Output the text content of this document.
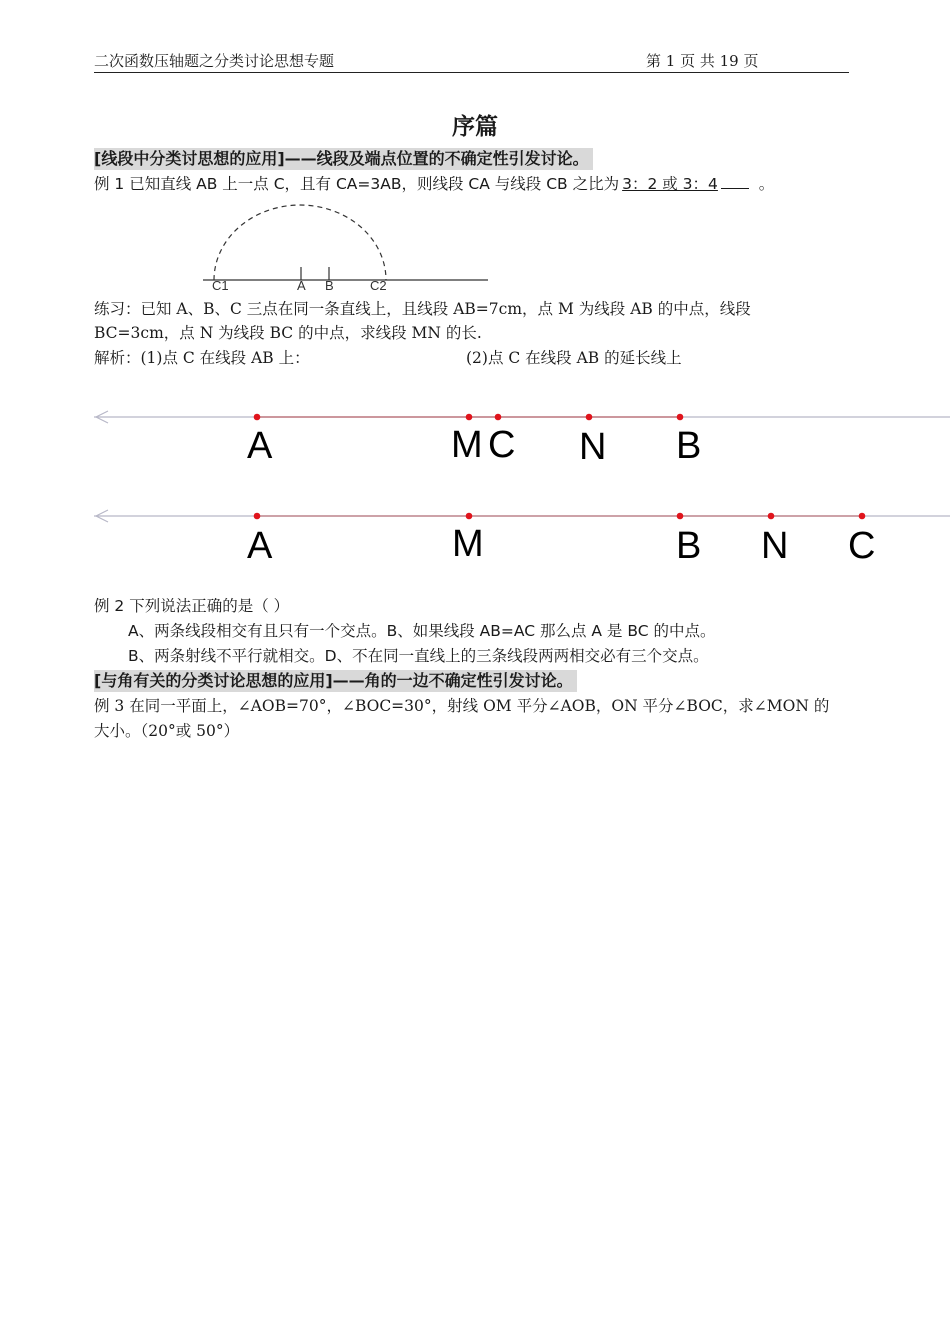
二次函数压轴题之分类讨论思想专题	第 1 页 共 19 页
序篇
[线段中分类讨思想的应用]——线段及端点位置的不确定性引发讨论。
例 1 已知直线 AB 上一点 C，且有 CA=3AB，则线段 CA 与线段 CB 之比为 3：2 或 3：4	。
C1	A B	C2
练习：已知 A、B、C 三点在同一条直线上，且线段 AB=7cm，点 M 为线段 AB 的中点，线段
BC=3cm，点 N 为线段 BC 的中点，求线段 MN 的长.
解析：(1)点 C 在线段 AB 上：	(2)点 C 在线段 AB 的延长线上
A	M C N B
A	M	B N C
例 2 下列说法正确的是（ ）
A、两条线段相交有且只有一个交点。B、如果线段 AB=AC 那么点 A 是 BC 的中点。
B、两条射线不平行就相交。D、不在同一直线上的三条线段两两相交必有三个交点。
[与角有关的分类讨论思想的应用]——角的一边不确定性引发讨论。
例 3 在同一平面上，∠AOB=70°，∠BOC=30°，射线 OM 平分∠AOB，ON 平分∠BOC，求∠MON 的
大小。（20°或 50°）
